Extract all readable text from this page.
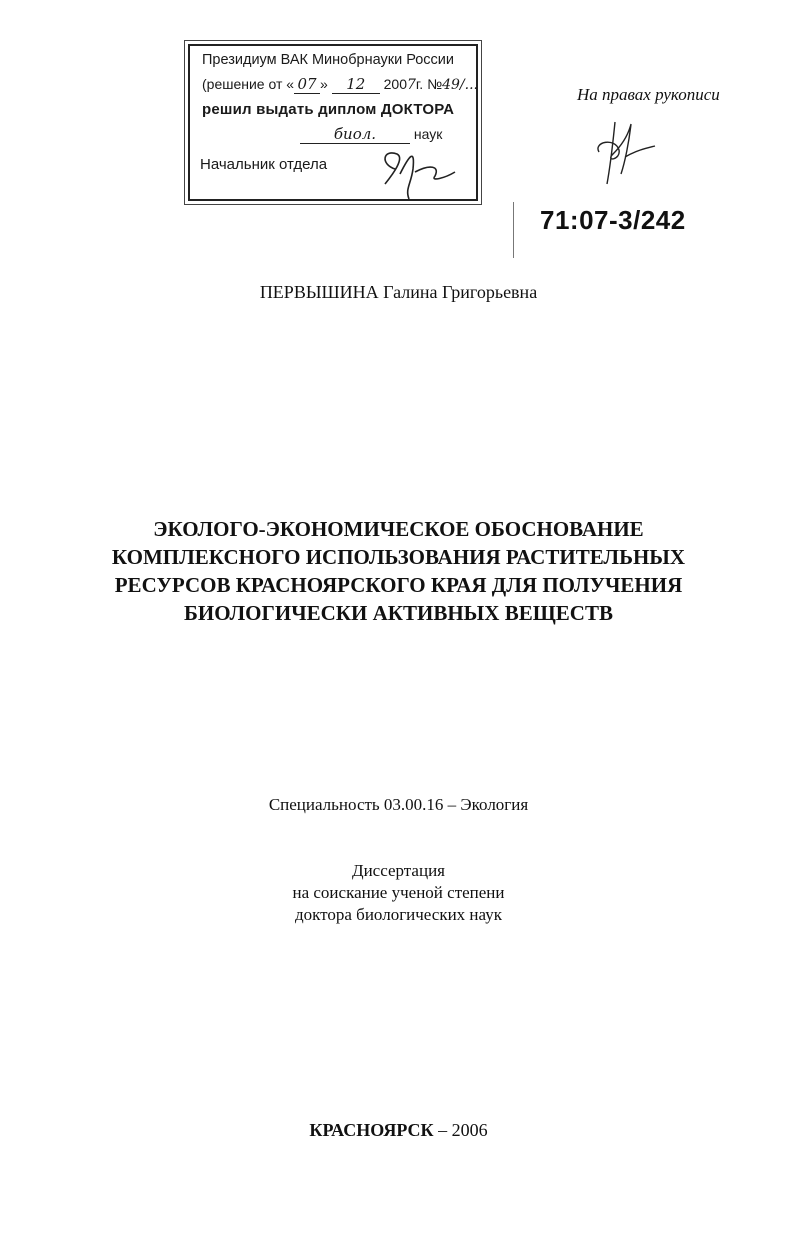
Президиум ВАК Минобрнауки России
(решение от « 07 » 12 2007г. №49/...
решил выдать диплом ДОКТОРА
биол.	наук
Начальник отдела
На правах рукописи
71:07-3/242
ПЕРВЫШИНА Галина Григорьевна
ЭКОЛОГО-ЭКОНОМИЧЕСКОЕ ОБОСНОВАНИЕ
КОМПЛЕКСНОГО ИСПОЛЬЗОВАНИЯ РАСТИТЕЛЬНЫХ
РЕСУРСОВ КРАСНОЯРСКОГО КРАЯ ДЛЯ ПОЛУЧЕНИЯ
БИОЛОГИЧЕСКИ АКТИВНЫХ ВЕЩЕСТВ
Специальность 03.00.16 – Экология
Диссертация
на соискание ученой степени
доктора биологических наук
КРАСНОЯРСК – 2006
